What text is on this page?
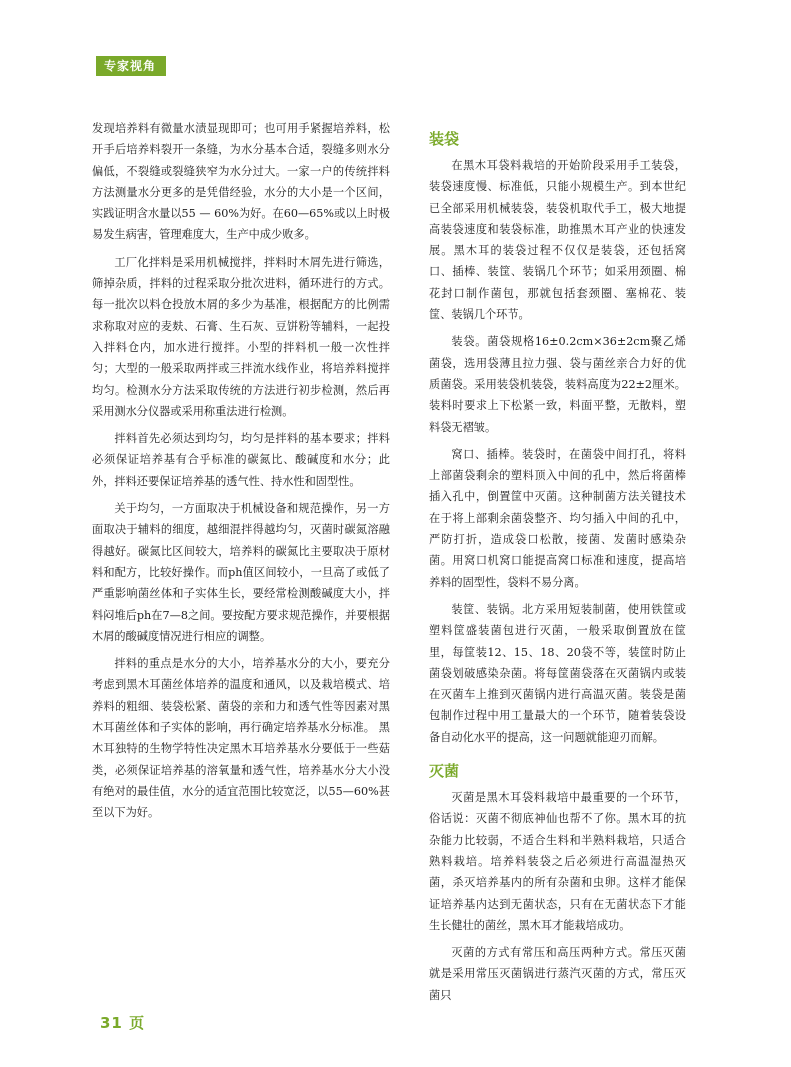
专家视角

发现培养料有微量水渍显现即可；也可用手紧握培养料，松开手后培养料裂开一条缝，为水分基本合适，裂缝多则水分偏低，不裂缝或裂缝狭窄为水分过大。一家一户的传统拌料方法测量水分更多的是凭借经验，水分的大小是一个区间，实践证明含水量以55 — 60%为好。在60—65%或以上时极易发生病害，管理难度大，生产中成少败多。

工厂化拌料是采用机械搅拌，拌料时木屑先进行筛选，筛掉杂质，拌料的过程采取分批次进料，循环进行的方式。每一批次以料仓投放木屑的多少为基准，根据配方的比例需求称取对应的麦麸、石膏、生石灰、豆饼粉等辅料，一起投入拌料仓内，加水进行搅拌。小型的拌料机一般一次性拌匀；大型的一般采取两拌或三拌流水线作业，将培养料搅拌均匀。检测水分方法采取传统的方法进行初步检测，然后再采用测水分仪器或采用称重法进行检测。

拌料首先必须达到均匀，均匀是拌料的基本要求；拌料必须保证培养基有合乎标准的碳氮比、酸碱度和水分；此外，拌料还要保证培养基的透气性、持水性和固型性。

关于均匀，一方面取决于机械设备和规范操作，另一方面取决于辅料的细度，越细混拌得越均匀，灭菌时碳氮溶融得越好。碳氮比区间较大，培养料的碳氮比主要取决于原材料和配方，比较好操作。而ph值区间较小，一旦高了或低了严重影响菌丝体和子实体生长，要经常检测酸碱度大小，拌料闷堆后ph在7—8之间。要按配方要求规范操作，并要根据木屑的酸碱度情况进行相应的调整。

拌料的重点是水分的大小，培养基水分的大小，要充分考虑到黑木耳菌丝体培养的温度和通风，以及栽培模式、培养料的粗细、装袋松紧、菌袋的亲和力和透气性等因素对黑木耳菌丝体和子实体的影响，再行确定培养基水分标准。 黑木耳独特的生物学特性决定黑木耳培养基水分要低于一些菇类，必须保证培养基的溶氧量和透气性，培养基水分大小没有绝对的最佳值，水分的适宜范围比较宽泛，以55—60%甚至以下为好。

装袋

在黑木耳袋料栽培的开始阶段采用手工装袋，装袋速度慢、标准低，只能小规模生产。到本世纪已全部采用机械装袋，装袋机取代手工，极大地提高装袋速度和装袋标准，助推黑木耳产业的快速发展。黑木耳的装袋过程不仅仅是装袋，还包括窝口、插棒、装筐、装锅几个环节；如采用颈圈、棉花封口制作菌包，那就包括套颈圈、塞棉花、装筐、装锅几个环节。

装袋。菌袋规格16±0.2cm×36±2cm聚乙烯菌袋，选用袋薄且拉力强、袋与菌丝亲合力好的优质菌袋。采用装袋机装袋，装料高度为22±2厘米。装料时要求上下松紧一致，料面平整，无散料，塑料袋无褶皱。

窝口、插棒。装袋时，在菌袋中间打孔，将料上部菌袋剩余的塑料顶入中间的孔中，然后将菌棒插入孔中，倒置筐中灭菌。这种制菌方法关键技术在于将上部剩余菌袋整齐、均匀插入中间的孔中，严防打折，造成袋口松散，接菌、发菌时感染杂菌。用窝口机窝口能提高窝口标准和速度，提高培养料的固型性，袋料不易分离。

装筐、装锅。北方采用短装制菌，使用铁筐或塑料筐盛装菌包进行灭菌，一般采取倒置放在筐里，每筐装12、15、18、20袋不等，装筐时防止菌袋划破感染杂菌。将每筐菌袋落在灭菌锅内或装在灭菌车上推到灭菌锅内进行高温灭菌。装袋是菌包制作过程中用工量最大的一个环节，随着装袋设备自动化水平的提高，这一问题就能迎刃而解。

灭菌

灭菌是黑木耳袋料栽培中最重要的一个环节，俗话说：灭菌不彻底神仙也帮不了你。黑木耳的抗杂能力比较弱，不适合生料和半熟料栽培，只适合熟料栽培。培养料装袋之后必须进行高温湿热灭菌，杀灭培养基内的所有杂菌和虫卵。这样才能保证培养基内达到无菌状态，只有在无菌状态下才能生长健壮的菌丝，黑木耳才能栽培成功。

灭菌的方式有常压和高压两种方式。常压灭菌就是采用常压灭菌锅进行蒸汽灭菌的方式，常压灭菌只

31 页
